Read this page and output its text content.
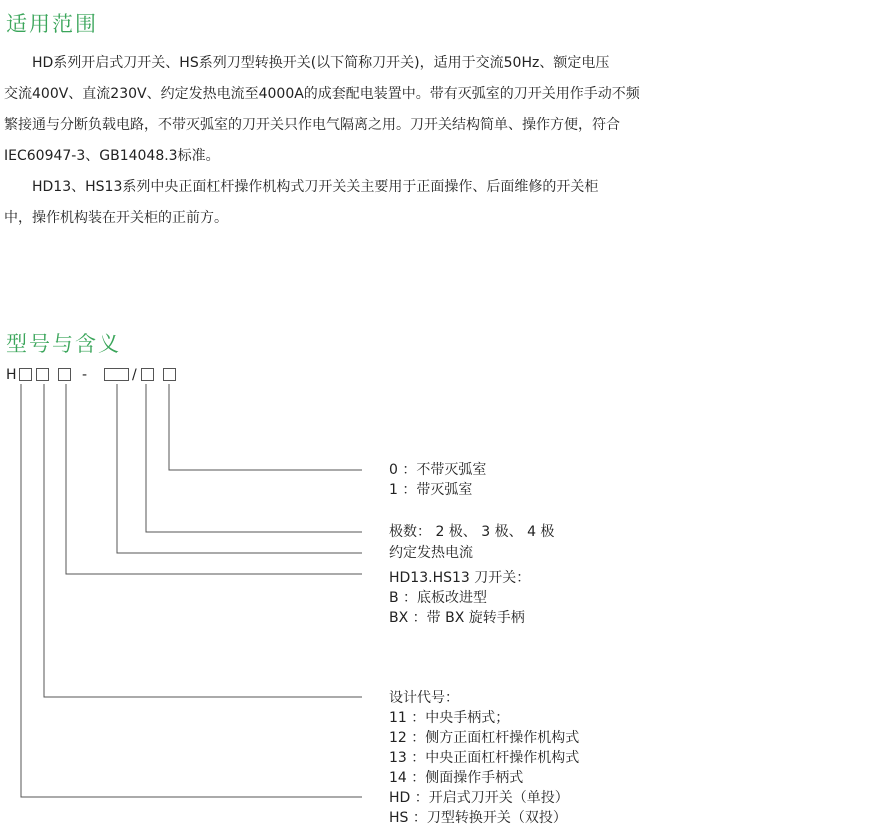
适用范围
HD系列开启式刀开关、HS系列刀型转换开关(以下简称刀开关)，适用于交流50Hz、额定电压
交流400V、直流230V、约定发热电流至4000A的成套配电装置中。带有灭弧室的刀开关用作手动不频
繁接通与分断负载电路，不带灭弧室的刀开关只作电气隔离之用。刀开关结构简单、操作方便，符合
IEC60947-3、GB14048.3标准。
HD13、HS13系列中央正面杠杆操作机构式刀开关关主要用于正面操作、后面维修的开关柜
中，操作机构装在开关柜的正前方。
型号与含义
H	-	/
0 ：不带灭弧室
1 ：带灭弧室
极数： 2 极、 3 极、 4 极
约定发热电流
HD13.HS13 刀开关：
B ：底板改进型
BX ：带 BX 旋转手柄
设计代号：
11 ：中央手柄式；
12 ：侧方正面杠杆操作机构式
13 ：中央正面杠杆操作机构式
14 ：侧面操作手柄式
HD ：开启式刀开关（单投）
HS ：刀型转换开关（双投）
